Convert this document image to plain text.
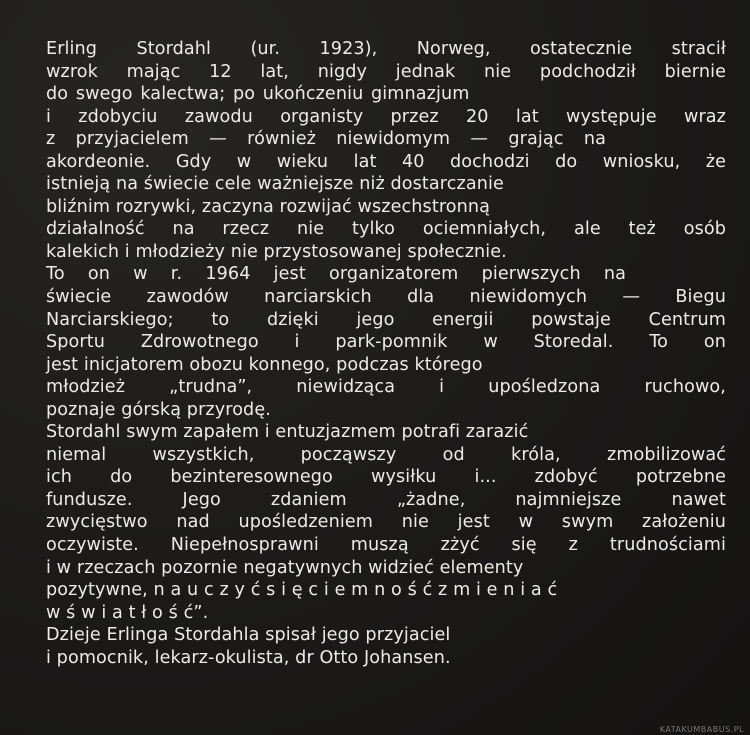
Erling Stordahl (ur. 1923), Norweg, ostatecznie stracił
wzrok mając 12 lat, nigdy jednak nie podchodził biernie
do swego kalectwa; po ukończeniu gimnazjum
i zdobyciu zawodu organisty przez 20 lat występuje wraz
z przyjacielem — również niewidomym — grając na
akordeonie. Gdy w wieku lat 40 dochodzi do wniosku, że
istnieją na świecie cele ważniejsze niż dostarczanie
bliźnim rozrywki, zaczyna rozwijać wszechstronną
działalność na rzecz nie tylko ociemniałych, ale też osób
kalekich i młodzieży nie przystosowanej społecznie.
To on w r. 1964 jest organizatorem pierwszych na
świecie zawodów narciarskich dla niewidomych — Biegu
Narciarskiego; to dzięki jego energii powstaje Centrum
Sportu Zdrowotnego i park-pomnik w Storedal. To on
jest inicjatorem obozu konnego, podczas którego
młodzież „trudna”, niewidząca i upośledzona ruchowo,
poznaje górską przyrodę.
Stordahl swym zapałem i entuzjazmem potrafi zarazić
niemal wszystkich, począwszy od króla, zmobilizować
ich do bezinteresownego wysiłku i... zdobyć potrzebne
fundusze. Jego zdaniem „żadne, najmniejsze nawet
zwycięstwo nad upośledzeniem nie jest w swym założeniu
oczywiste. Niepełnosprawni muszą zżyć się z trudnościami
i w rzeczach pozornie negatywnych widzieć elementy
pozytywne, n a u c z y ć s i ę c i e m n o ś ć z m i e n i a ć
w ś w i a t ł o ś ć”.
Dzieje Erlinga Stordahla spisał jego przyjaciel
i pomocnik, lekarz-okulista, dr Otto Johansen.
KATAKUMBABUS.PL
